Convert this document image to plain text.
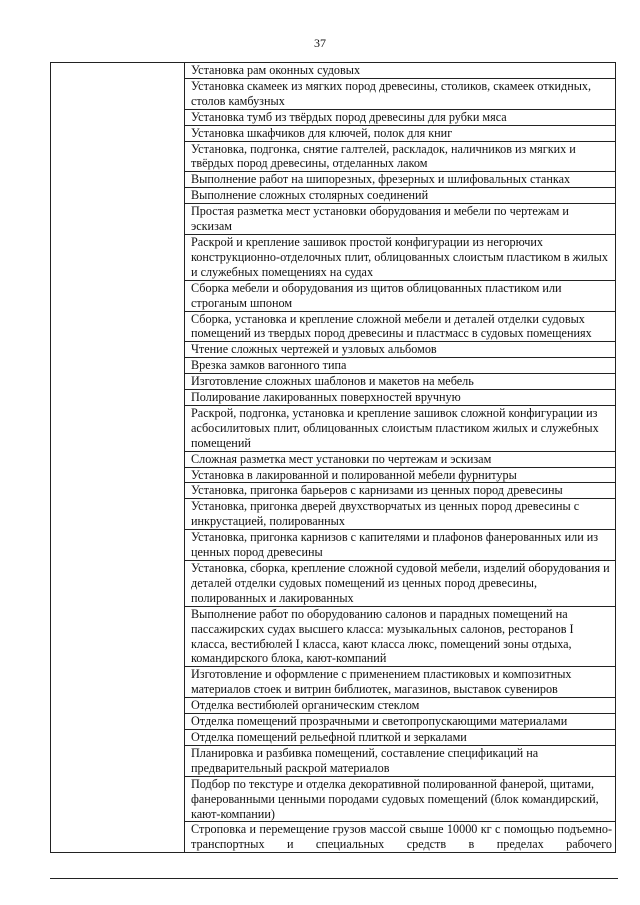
37
	Установка рам оконных судовых
Установка скамеек из мягких пород древесины, столиков, скамеек откидных, столов камбузных
Установка тумб из твёрдых пород древесины для рубки мяса
Установка шкафчиков для ключей, полок для книг
Установка, подгонка, снятие галтелей, раскладок, наличников из мягких и твёрдых пород древесины, отделанных лаком
Выполнение работ на шипорезных, фрезерных и шлифовальных станках
Выполнение сложных столярных соединений
Простая разметка мест установки оборудования и мебели по чертежам и эскизам
Раскрой и крепление зашивок простой конфигурации из негорючих конструкционно-отделочных плит, облицованных слоистым пластиком в жилых и служебных помещениях на судах
Сборка мебели и оборудования из щитов облицованных пластиком или строганым шпоном
Сборка, установка и крепление сложной мебели и деталей отделки судовых помещений из твердых пород древесины и пластмасс в судовых помещениях
Чтение сложных чертежей и узловых альбомов
Врезка замков вагонного типа
Изготовление сложных шаблонов и макетов на мебель
Полирование лакированных поверхностей вручную
Раскрой, подгонка, установка и крепление зашивок сложной конфигурации из асбосилитовых плит, облицованных слоистым пластиком жилых и служебных помещений
Сложная разметка мест установки по чертежам и эскизам
Установка в лакированной и полированной мебели фурнитуры
Установка, пригонка барьеров с карнизами из ценных пород древесины
Установка, пригонка дверей двухстворчатых из ценных пород древесины с инкрустацией, полированных
Установка, пригонка карнизов с капителями и плафонов фанерованных или из ценных пород древесины
Установка, сборка, крепление сложной судовой мебели, изделий оборудования и деталей отделки судовых помещений из ценных пород древесины, полированных и лакированных
Выполнение работ по оборудованию салонов и парадных помещений на пассажирских судах высшего класса: музыкальных салонов, ресторанов I класса, вестибюлей I класса, кают класса люкс, помещений зоны отдыха, командирского блока, кают-компаний
Изготовление и оформление с применением пластиковых и композитных материалов стоек и витрин библиотек, магазинов, выставок сувениров
Отделка вестибюлей органическим стеклом
Отделка помещений прозрачными и светопропускающими материалами
Отделка помещений рельефной плиткой и зеркалами
Планировка и разбивка помещений, составление спецификаций на предварительный раскрой материалов
Подбор по текстуре и отделка декоративной полированной фанерой, щитами, фанерованными ценными породами судовых помещений (блок командирский, кают-компании)
Строповка и перемещение грузов массой свыше 10000 кг с помощью подъемно-транспортных и специальных средств в пределах рабочего
